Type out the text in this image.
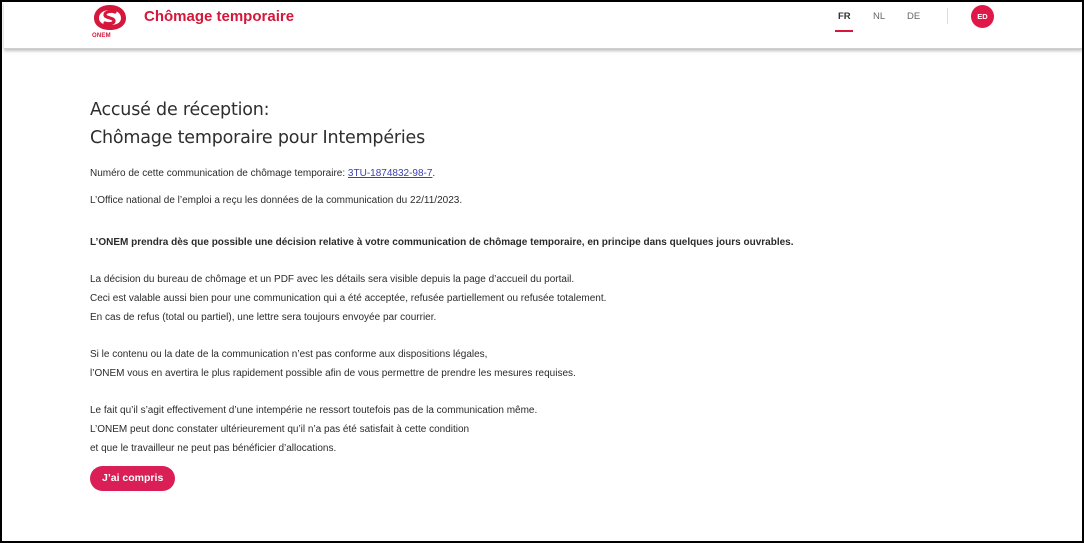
ONEM
Chômage temporaire	FR NL DE	ED
Accusé de réception:
Chômage temporaire pour Intempéries
Numéro de cette communication de chômage temporaire: 3TU-1874832-98-7.
L’Office national de l’emploi a reçu les données de la communication du 22/11/2023.
L’ONEM prendra dès que possible une décision relative à votre communication de chômage temporaire, en principe dans quelques jours ouvrables.
La décision du bureau de chômage et un PDF avec les détails sera visible depuis la page d’accueil du portail.
Ceci est valable aussi bien pour une communication qui a été acceptée, refusée partiellement ou refusée totalement.
En cas de refus (total ou partiel), une lettre sera toujours envoyée par courrier.
Si le contenu ou la date de la communication n’est pas conforme aux dispositions légales,
l’ONEM vous en avertira le plus rapidement possible afin de vous permettre de prendre les mesures requises.
Le fait qu’il s’agit effectivement d’une intempérie ne ressort toutefois pas de la communication même.
L’ONEM peut donc constater ultérieurement qu’il n’a pas été satisfait à cette condition
et que le travailleur ne peut pas bénéficier d’allocations.
J’ai compris
